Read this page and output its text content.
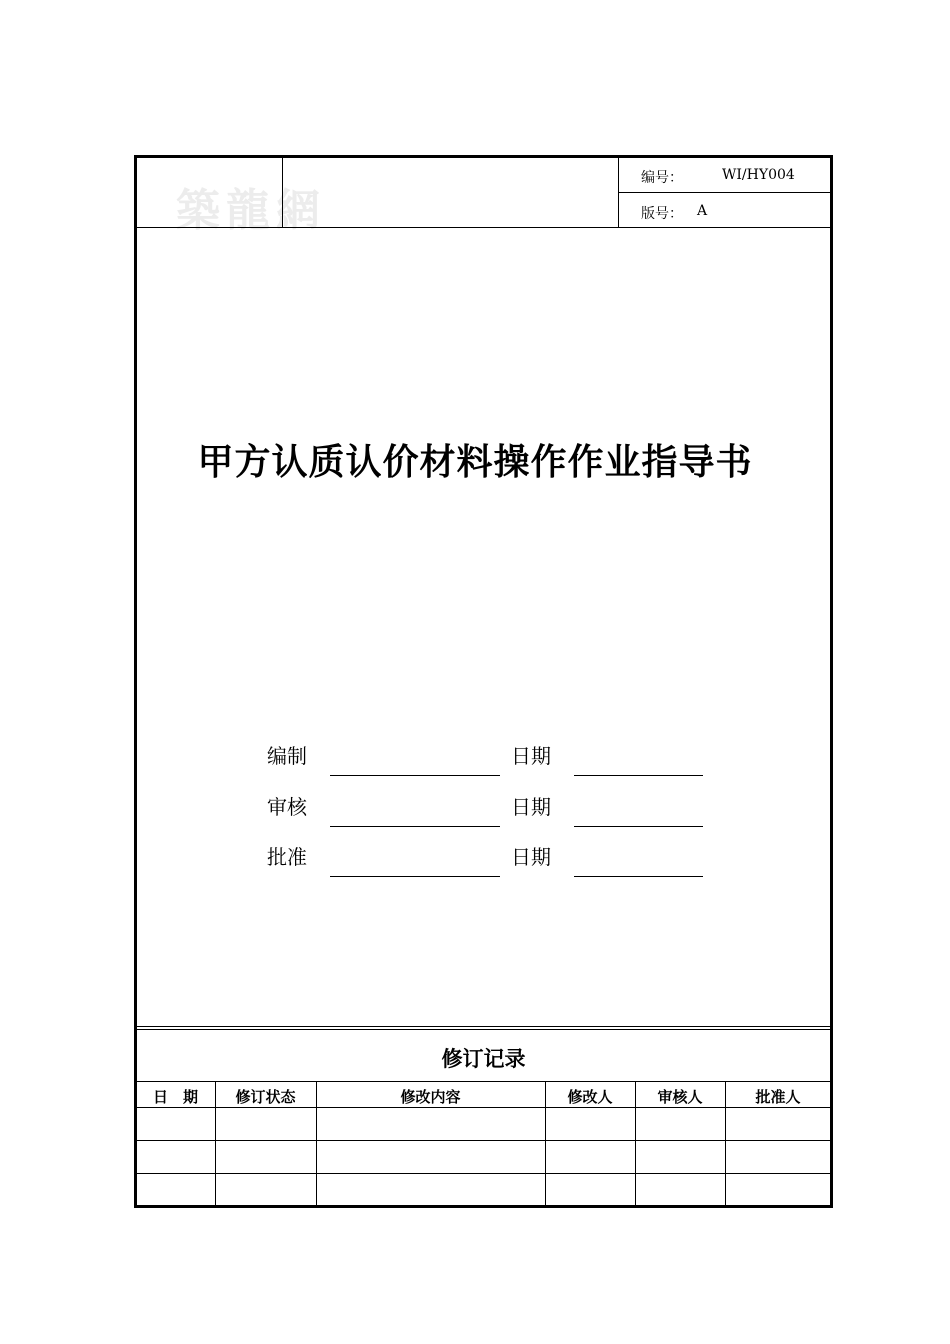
築龍網
编号：	WI/HY004
版号： A
甲方认质认价材料操作作业指导书
编制	日期
审核	日期
批准	日期
修订记录
日　期	修订状态	修改内容	修改人	审核人	批准人
